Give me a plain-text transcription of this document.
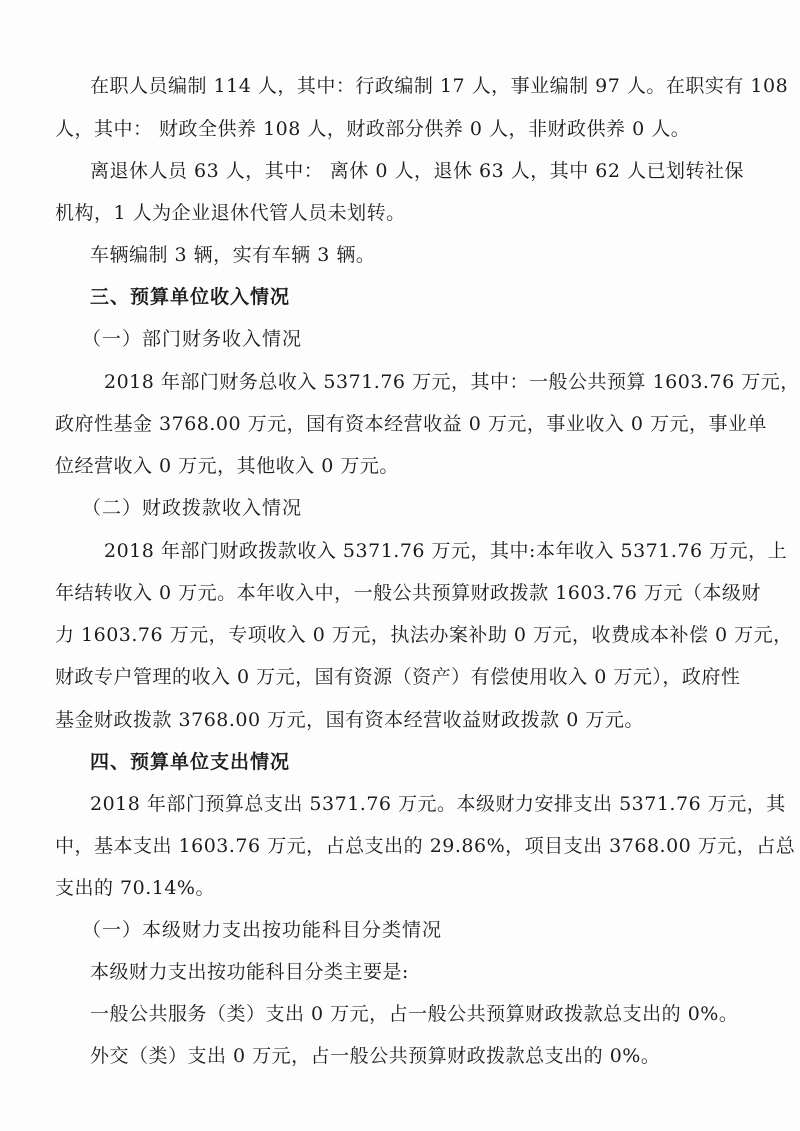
在职人员编制 114 人，其中：行政编制 17 人，事业编制 97 人。在职实有 108
人，其中： 财政全供养 108 人，财政部分供养 0 人，非财政供养 0 人。
离退休人员 63 人，其中： 离休 0 人，退休 63 人，其中 62 人已划转社保
机构，1 人为企业退休代管人员未划转。
车辆编制 3 辆，实有车辆 3 辆。
三、预算单位收入情况
（一）部门财务收入情况
2018 年部门财务总收入 5371.76 万元，其中：一般公共预算 1603.76 万元，
政府性基金 3768.00 万元，国有资本经营收益 0 万元，事业收入 0 万元，事业单
位经营收入 0 万元，其他收入 0 万元。
（二）财政拨款收入情况
2018 年部门财政拨款收入 5371.76 万元，其中:本年收入 5371.76 万元，上
年结转收入 0 万元。本年收入中，一般公共预算财政拨款 1603.76 万元（本级财
力 1603.76 万元，专项收入 0 万元，执法办案补助 0 万元，收费成本补偿 0 万元，
财政专户管理的收入 0 万元，国有资源（资产）有偿使用收入 0 万元），政府性
基金财政拨款 3768.00 万元，国有资本经营收益财政拨款 0 万元。
四、预算单位支出情况
2018 年部门预算总支出 5371.76 万元。本级财力安排支出 5371.76 万元，其
中，基本支出 1603.76 万元，占总支出的 29.86%，项目支出 3768.00 万元，占总
支出的 70.14%。
（一）本级财力支出按功能科目分类情况
本级财力支出按功能科目分类主要是:
一般公共服务（类）支出 0 万元，占一般公共预算财政拨款总支出的 0%。
外交（类）支出 0 万元，占一般公共预算财政拨款总支出的 0%。
